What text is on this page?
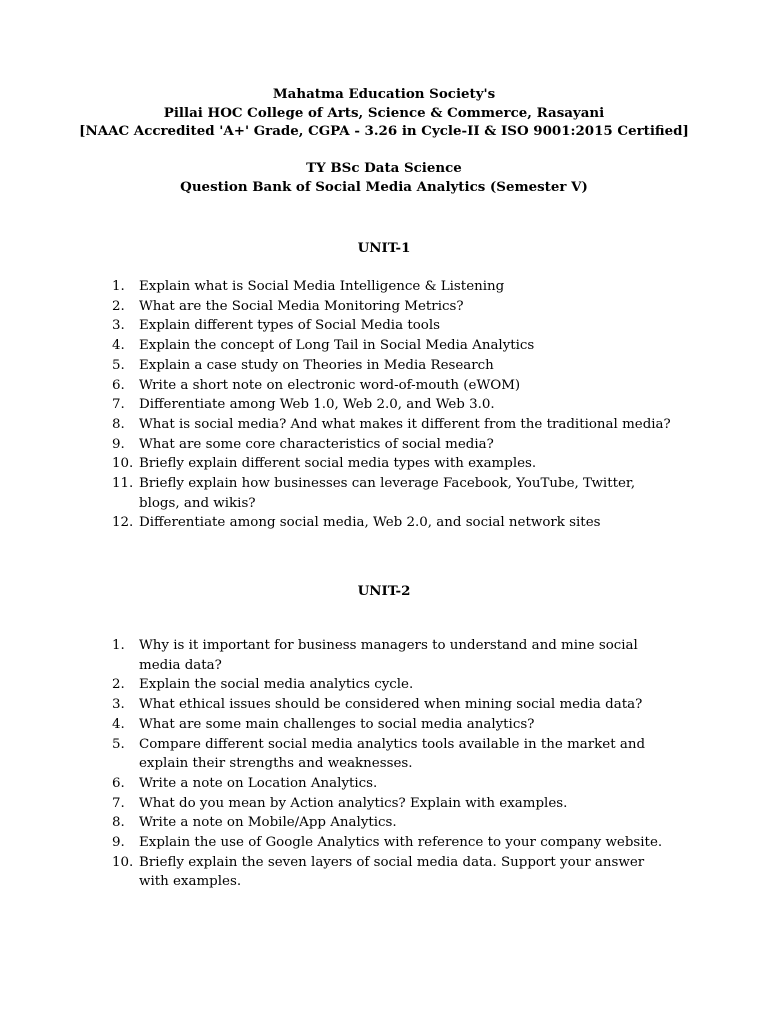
Mahatma Education Society's
Pillai HOC College of Arts, Science & Commerce, Rasayani
[NAAC Accredited 'A+' Grade, CGPA - 3.26 in Cycle-II & ISO 9001:2015 Certified]
TY BSc Data Science
Question Bank of Social Media Analytics (Semester V)
UNIT-1
1.	Explain what is Social Media Intelligence & Listening
2.	What are the Social Media Monitoring Metrics?
3.	Explain different types of Social Media tools
4.	Explain the concept of Long Tail in Social Media Analytics
5.	Explain a case study on Theories in Media Research
6.	Write a short note on electronic word-of-mouth (eWOM)
7.	Differentiate among Web 1.0, Web 2.0, and Web 3.0.
8.	What is social media? And what makes it different from the traditional media?
9.	What are some core characteristics of social media?
10. Briefly explain different social media types with examples.
11. Briefly explain how businesses can leverage Facebook, YouTube, Twitter, blogs, and wikis?
12. Differentiate among social media, Web 2.0, and social network sites
UNIT-2
1.	Why is it important for business managers to understand and mine social media data?
2.	Explain the social media analytics cycle.
3.	What ethical issues should be considered when mining social media data?
4.	What are some main challenges to social media analytics?
5.	Compare different social media analytics tools available in the market and explain their strengths and weaknesses.
6.	Write a note on Location Analytics.
7.	What do you mean by Action analytics? Explain with examples.
8.	Write a note on Mobile/App Analytics.
9.	Explain the use of Google Analytics with reference to your company website.
10. Briefly explain the seven layers of social media data. Support your answer with examples.
